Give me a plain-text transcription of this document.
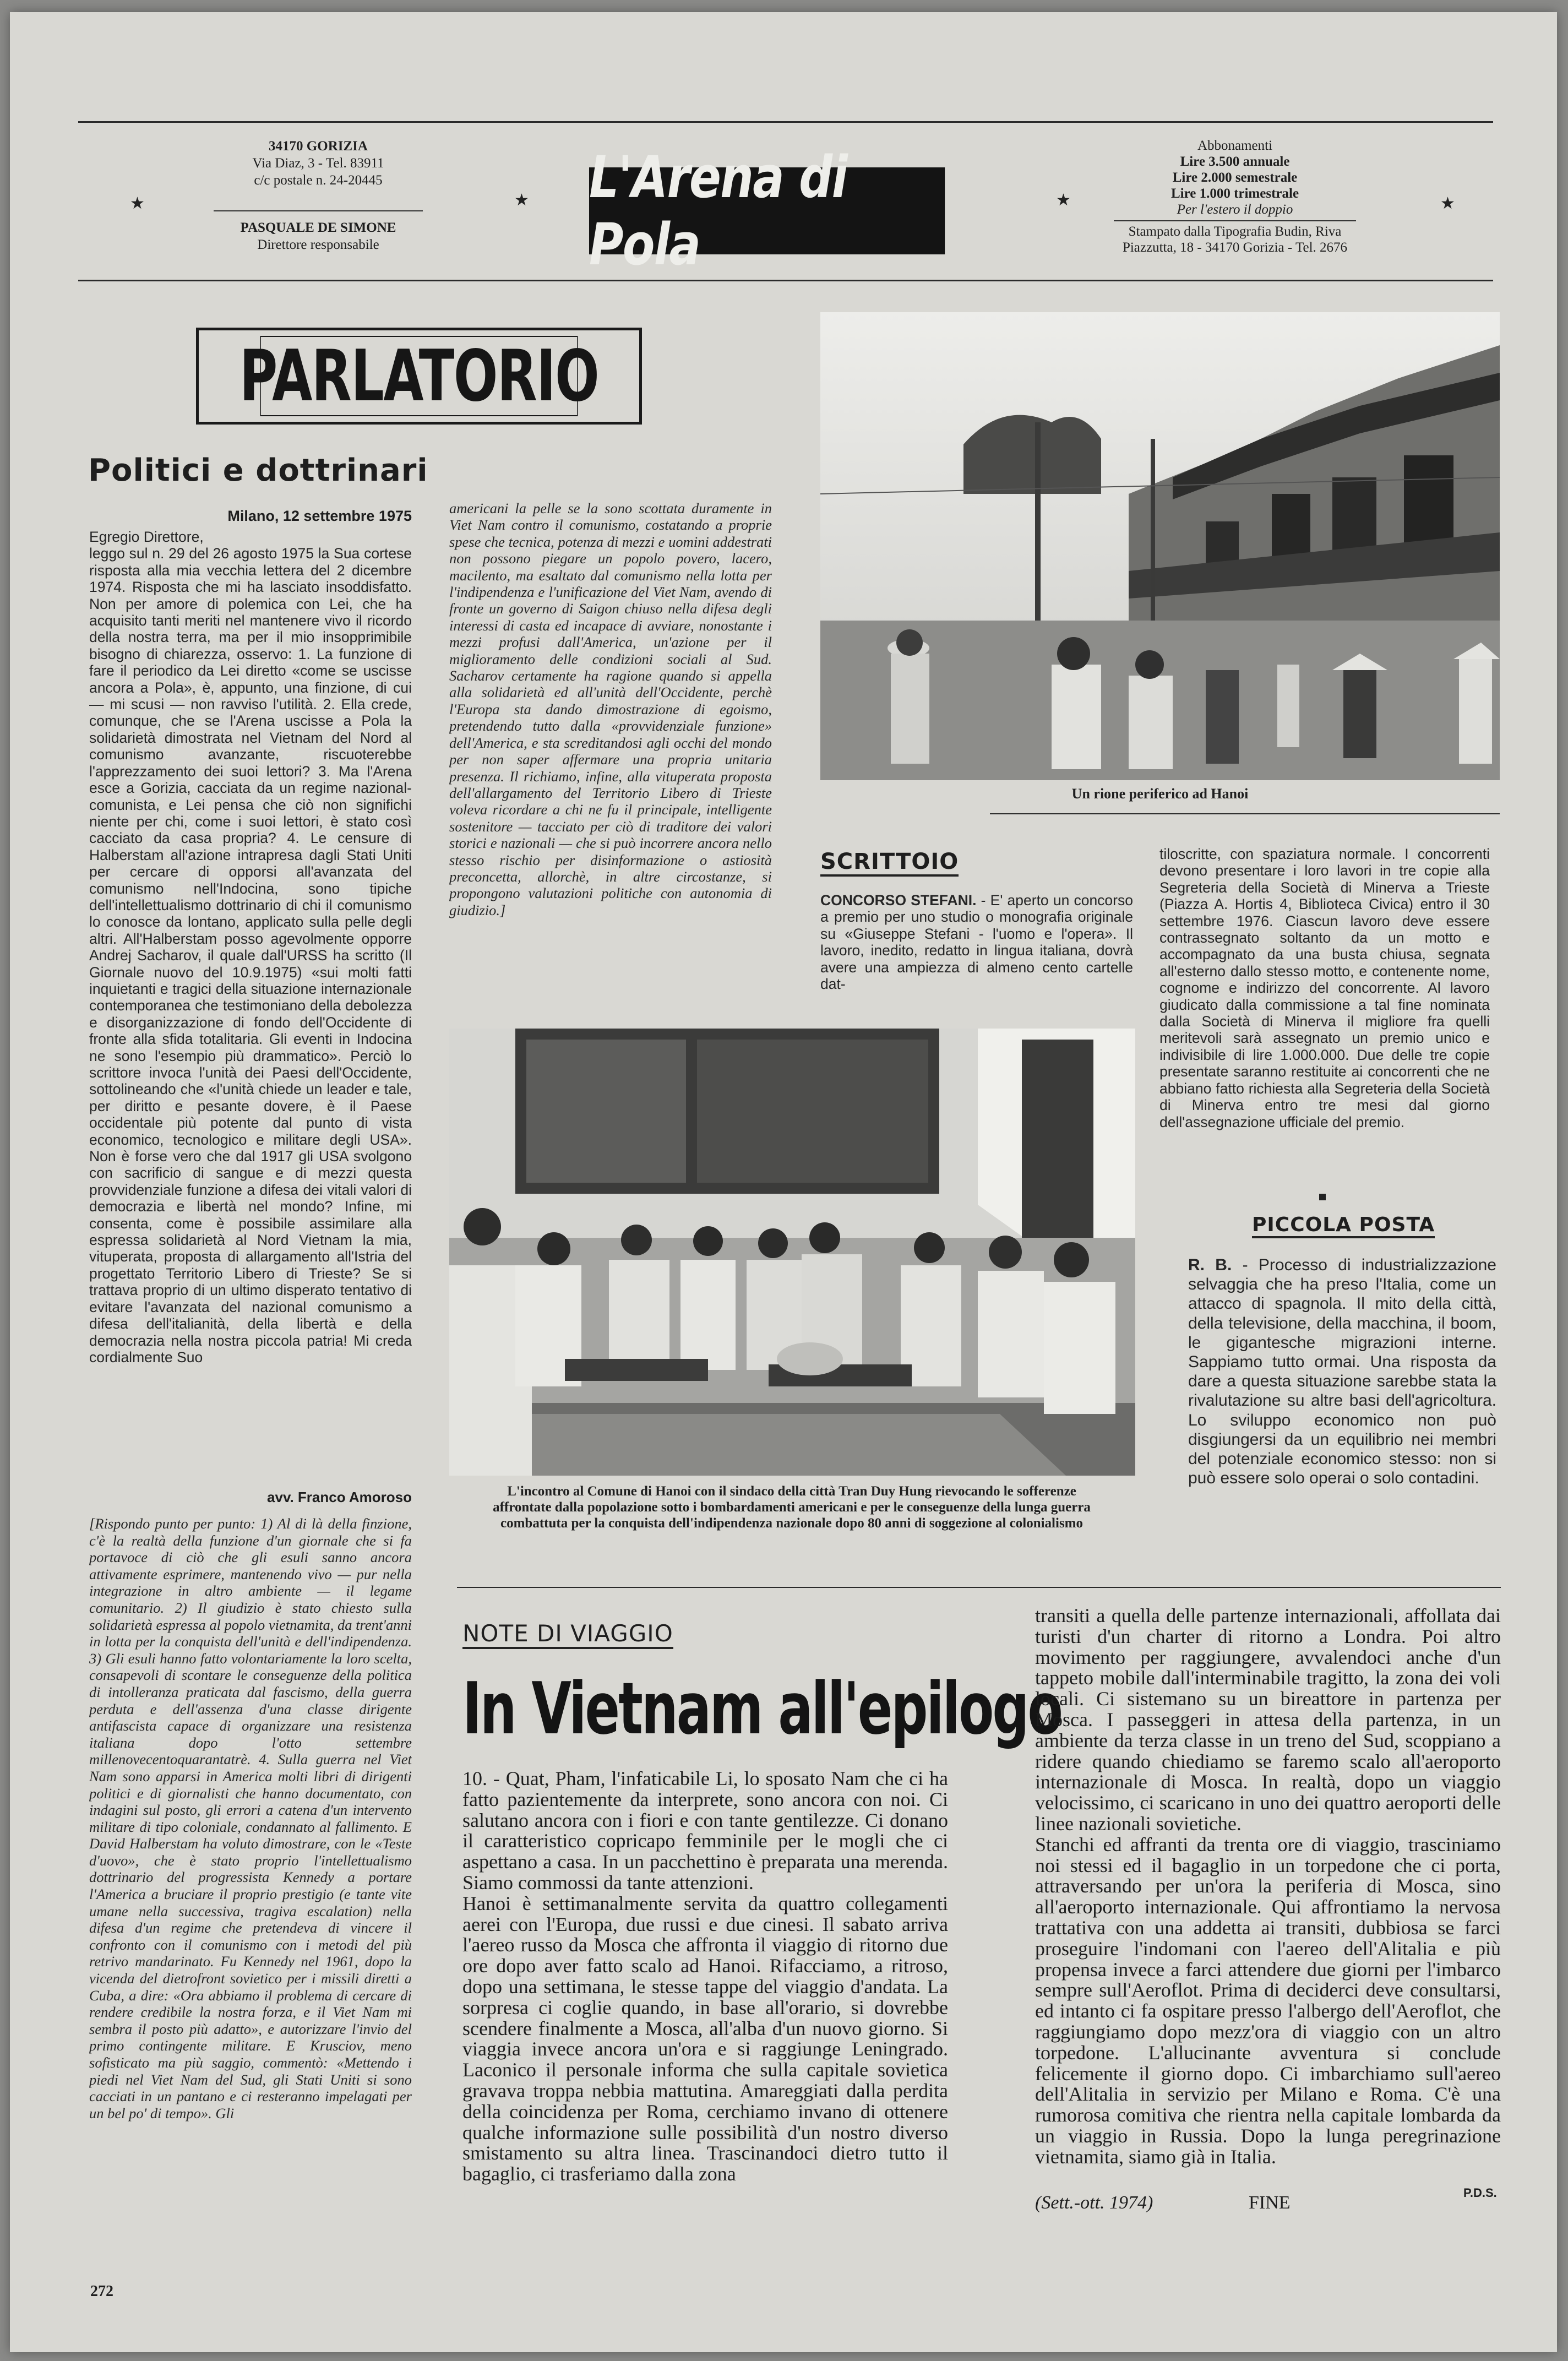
34170 GORIZIA
Via Diaz, 3 - Tel. 83911
c/c postale n. 24-20445
PASQUALE DE SIMONE
Direttore responsabile
★	★	★	★
L'Arena di Pola
Abbonamenti
Lire 3.500 annuale
Lire 2.000 semestrale
Lire 1.000 trimestrale
Per l'estero il doppio
Stampato dalla Tipografia Budin, Riva
Piazzutta, 18 - 34170 Gorizia - Tel. 2676
PARLATORIO
Politici e dottrinari
Milano, 12 settembre 1975
Egregio Direttore,
leggo sul n. 29 del 26 agosto 1975 la Sua cortese risposta alla mia vecchia lettera del 2 dicembre 1974. Risposta che mi ha lasciato insoddisfatto. Non per amore di polemica con Lei, che ha acquisito tanti meriti nel mantenere vivo il ricordo della nostra terra, ma per il mio insopprimibile bisogno di chiarezza, osservo: 1. La funzione di fare il periodico da Lei diretto «come se uscisse ancora a Pola», è, appunto, una finzione, di cui — mi scusi — non ravviso l'utilità. 2. Ella crede, comunque, che se l'Arena uscisse a Pola la solidarietà dimostrata nel Vietnam del Nord al comunismo avanzante, riscuoterebbe l'apprezzamento dei suoi lettori? 3. Ma l'Arena esce a Gorizia, cacciata da un regime nazional-comunista, e Lei pensa che ciò non significhi niente per chi, come i suoi lettori, è stato così cacciato da casa propria? 4. Le censure di Halberstam all'azione intrapresa dagli Stati Uniti per cercare di opporsi all'avanzata del comunismo nell'Indocina, sono tipiche dell'intellettualismo dottrinario di chi il comunismo lo conosce da lontano, applicato sulla pelle degli altri. All'Halberstam posso agevolmente opporre Andrej Sacharov, il quale dall'URSS ha scritto (Il Giornale nuovo del 10.9.1975) «sui molti fatti inquietanti e tragici della situazione internazionale contemporanea che testimoniano della debolezza e disorganizzazione di fondo dell'Occidente di fronte alla sfida totalitaria. Gli eventi in Indocina ne sono l'esempio più drammatico». Perciò lo scrittore invoca l'unità dei Paesi dell'Occidente, sottolineando che «l'unità chiede un leader e tale, per diritto e pesante dovere, è il Paese occidentale più potente dal punto di vista economico, tecnologico e militare degli USA». Non è forse vero che dal 1917 gli USA svolgono con sacrificio di sangue e di mezzi questa provvidenziale funzione a difesa dei vitali valori di democrazia e libertà nel mondo? Infine, mi consenta, come è possibile assimilare alla espressa solidarietà al Nord Vietnam la mia, vituperata, proposta di allargamento all'Istria del progettato Territorio Libero di Trieste? Se si trattava proprio di un ultimo disperato tentativo di evitare l'avanzata del nazional comunismo a difesa dell'italianità, della libertà e della democrazia nella nostra piccola patria! Mi creda cordialmente Suo
avv. Franco Amoroso
[Rispondo punto per punto: 1) Al di là della finzione, c'è la realtà della funzione d'un giornale che si fa portavoce di ciò che gli esuli sanno ancora attivamente esprimere, mantenendo vivo — pur nella integrazione in altro ambiente — il legame comunitario. 2) Il giudizio è stato chiesto sulla solidarietà espressa al popolo vietnamita, da trent'anni in lotta per la conquista dell'unità e dell'indipendenza. 3) Gli esuli hanno fatto volontariamente la loro scelta, consapevoli di scontare le conseguenze della politica di intolleranza praticata dal fascismo, della guerra perduta e dell'assenza d'una classe dirigente antifascista capace di organizzare una resistenza italiana dopo l'otto settembre millenovecentoquarantatrè. 4. Sulla guerra nel Viet Nam sono apparsi in America molti libri di dirigenti politici e di giornalisti che hanno documentato, con indagini sul posto, gli errori a catena d'un intervento militare di tipo coloniale, condannato al fallimento. E David Halberstam ha voluto dimostrare, con le «Teste d'uovo», che è stato proprio l'intellettualismo dottrinario del progressista Kennedy a portare l'America a bruciare il proprio prestigio (e tante vite umane nella successiva, tragiva escalation) nella difesa d'un regime che pretendeva di vincere il confronto con il comunismo con i metodi del più retrivo mandarinato. Fu Kennedy nel 1961, dopo la vicenda del dietrofront sovietico per i missili diretti a Cuba, a dire: «Ora abbiamo il problema di cercare di rendere credibile la nostra forza, e il Viet Nam mi sembra il posto più adatto», e autorizzare l'invio del primo contingente militare. E Krusciov, meno sofisticato ma più saggio, commentò: «Mettendo i piedi nel Viet Nam del Sud, gli Stati Uniti si sono cacciati in un pantano e ci resteranno impelagati per un bel po' di tempo». Gli
americani la pelle se la sono scottata duramente in Viet Nam contro il comunismo, costatando a proprie spese che tecnica, potenza di mezzi e uomini addestrati non possono piegare un popolo povero, lacero, macilento, ma esaltato dal comunismo nella lotta per l'indipendenza e l'unificazione del Viet Nam, avendo di fronte un governo di Saigon chiuso nella difesa degli interessi di casta ed incapace di avviare, nonostante i mezzi profusi dall'America, un'azione per il miglioramento delle condizioni sociali al Sud. Sacharov certamente ha ragione quando si appella alla solidarietà ed all'unità dell'Occidente, perchè l'Europa sta dando dimostrazione di egoismo, pretendendo tutto dalla «provvidenziale funzione» dell'America, e sta screditandosi agli occhi del mondo per non saper affermare una propria unitaria presenza. Il richiamo, infine, alla vituperata proposta dell'allargamento del Territorio Libero di Trieste voleva ricordare a chi ne fu il principale, intelligente sostenitore — tacciato per ciò di traditore dei valori storici e nazionali — che si può incorrere ancora nello stesso rischio per disinformazione o astiosità preconcetta, allorchè, in altre circostanze, si propongono valutazioni politiche con autonomia di giudizio.]
Un rione periferico ad Hanoi
SCRITTOIO
CONCORSO STEFANI. - E' aperto un concorso a premio per uno studio o monografia originale su «Giuseppe Stefani - l'uomo e l'opera». Il lavoro, inedito, redatto in lingua italiana, dovrà avere una ampiezza di almeno cento cartelle dat-
tiloscritte, con spaziatura normale. I concorrenti devono presentare i loro lavori in tre copie alla Segreteria della Società di Minerva a Trieste (Piazza A. Hortis 4, Biblioteca Civica) entro il 30 settembre 1976. Ciascun lavoro deve essere contrassegnato soltanto da un motto e accompagnato da una busta chiusa, segnata all'esterno dallo stesso motto, e contenente nome, cognome e indirizzo del concorrente. Al lavoro giudicato dalla commissione a tal fine nominata dalla Società di Minerva il migliore fra quelli meritevoli sarà assegnato un premio unico e indivisibile di lire 1.000.000. Due delle tre copie presentate saranno restituite ai concorrenti che ne abbiano fatto richiesta alla Segreteria della Società di Minerva entro tre mesi dal giorno dell'assegnazione ufficiale del premio.
L'incontro al Comune di Hanoi con il sindaco della città Tran Duy Hung rievocando le sofferenze affrontate dalla popolazione sotto i bombardamenti americani e per le conseguenze della lunga guerra combattuta per la conquista dell'indipendenza nazionale dopo 80 anni di soggezione al colonialismo
PICCOLA POSTA
R. B. - Processo di industrializzazione selvaggia che ha preso l'Italia, come un attacco di spagnola. Il mito della città, della televisione, della macchina, il boom, le gigantesche migrazioni interne. Sappiamo tutto ormai. Una risposta da dare a questa situazione sarebbe stata la rivalutazione su altre basi dell'agricoltura. Lo sviluppo economico non può disgiungersi da un equilibrio nei membri del potenziale economico stesso: non si può essere solo operai o solo contadini.
NOTE DI VIAGGIO
In Vietnam all'epilogo
10. - Quat, Pham, l'infaticabile Li, lo sposato Nam che ci ha fatto pazientemente da interprete, sono ancora con noi. Ci salutano ancora con i fiori e con tante gentilezze. Ci donano il caratteristico copricapo femminile per le mogli che ci aspettano a casa. In un pacchettino è preparata una merenda. Siamo commossi da tante attenzioni.
Hanoi è settimanalmente servita da quattro collegamenti aerei con l'Europa, due russi e due cinesi. Il sabato arriva l'aereo russo da Mosca che affronta il viaggio di ritorno due ore dopo aver fatto scalo ad Hanoi. Rifacciamo, a ritroso, dopo una settimana, le stesse tappe del viaggio d'andata. La sorpresa ci coglie quando, in base all'orario, si dovrebbe scendere finalmente a Mosca, all'alba d'un nuovo giorno. Si viaggia invece ancora un'ora e si raggiunge Leningrado. Laconico il personale informa che sulla capitale sovietica gravava troppa nebbia mattutina. Amareggiati dalla perdita della coincidenza per Roma, cerchiamo invano di ottenere qualche informazione sulle possibilità d'un nostro diverso smistamento su altra linea. Trascinandoci dietro tutto il bagaglio, ci trasferiamo dalla zona
transiti a quella delle partenze internazionali, affollata dai turisti d'un charter di ritorno a Londra. Poi altro movimento per raggiungere, avvalendoci anche d'un tappeto mobile dall'interminabile tragitto, la zona dei voli locali. Ci sistemano su un bireattore in partenza per Mosca. I passeggeri in attesa della partenza, in un ambiente da terza classe in un treno del Sud, scoppiano a ridere quando chiediamo se faremo scalo all'aeroporto internazionale di Mosca. In realtà, dopo un viaggio velocissimo, ci scaricano in uno dei quattro aeroporti delle linee nazionali sovietiche.
Stanchi ed affranti da trenta ore di viaggio, trasciniamo noi stessi ed il bagaglio in un torpedone che ci porta, attraversando per un'ora la periferia di Mosca, sino all'aeroporto internazionale. Qui affrontiamo la nervosa trattativa con una addetta ai transiti, dubbiosa se farci proseguire l'indomani con l'aereo dell'Alitalia e più propensa invece a farci attendere due giorni per l'imbarco sempre sull'Aeroflot. Prima di deciderci deve consultarsi, ed intanto ci fa ospitare presso l'albergo dell'Aeroflot, che raggiungiamo dopo mezz'ora di viaggio con un altro torpedone. L'allucinante avventura si conclude felicemente il giorno dopo. Ci imbarchiamo sull'aereo dell'Alitalia in servizio per Milano e Roma. C'è una rumorosa comitiva che rientra nella capitale lombarda da un viaggio in Russia. Dopo la lunga peregrinazione vietnamita, siamo già in Italia.
(Sett.-ott. 1974)	FINE	P.D.S.
272
